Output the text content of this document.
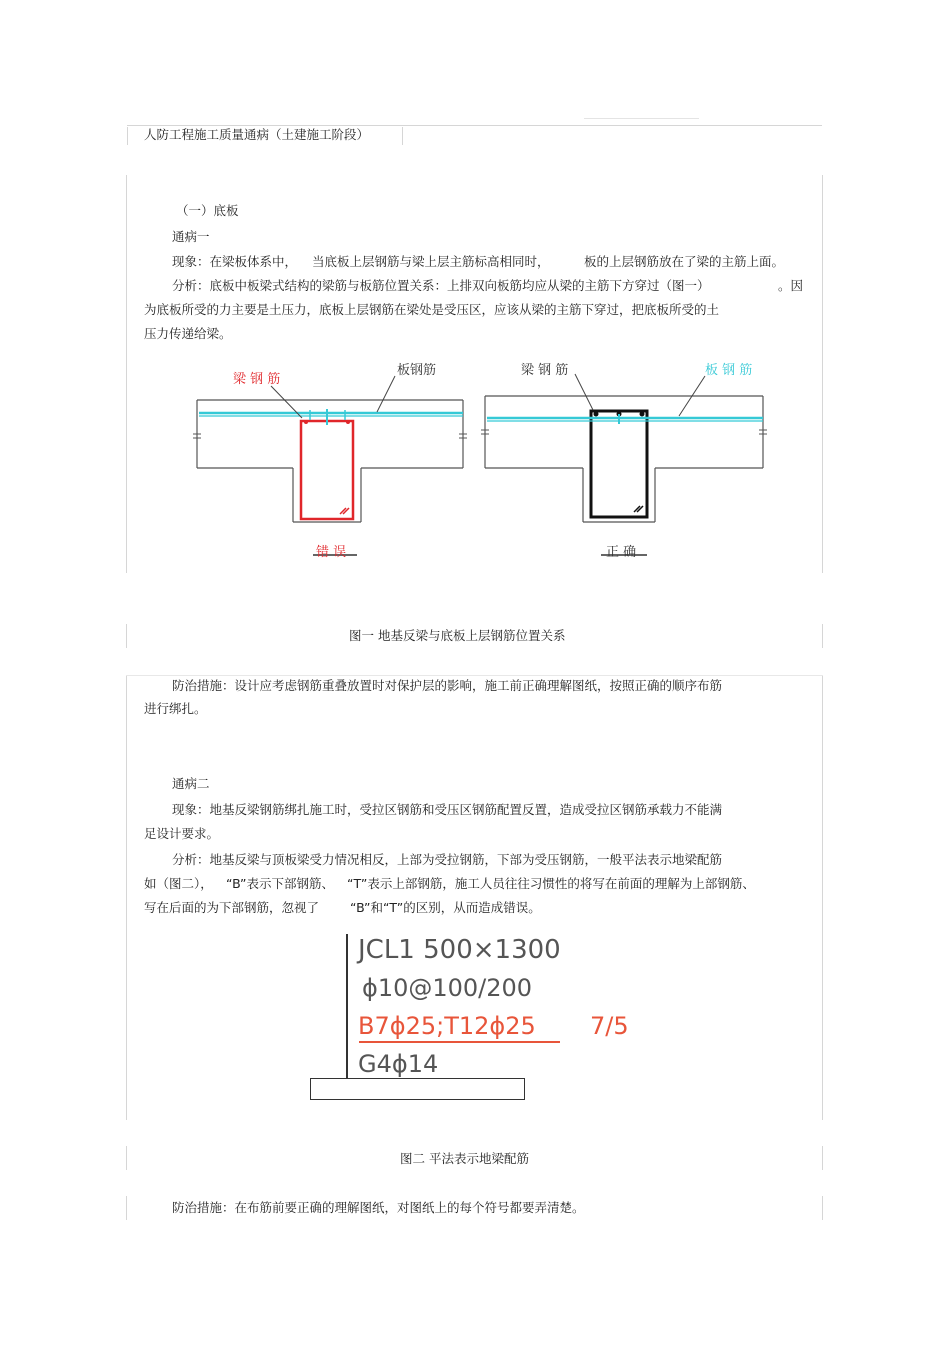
人防工程施工质量通病（土建施工阶段）
（一）底板
通病一
现象：在梁板体系中， 当底板上层钢筋与梁上层主筋标高相同时，	板的上层钢筋放在了梁的主筋上面。
分析：底板中板梁式结构的梁筋与板筋位置关系：上排双向板筋均应从梁的主筋下方穿过（图一）	。因
为底板所受的力主要是土压力，底板上层钢筋在梁处是受压区，应该从梁的主筋下穿过，把底板所受的土
压力传递给梁。
梁 钢 筋
板钢筋
错 误
梁 钢 筋	板 钢 筋
正 确
图一 地基反梁与底板上层钢筋位置关系
防治措施：设计应考虑钢筋重叠放置时对保护层的影响，施工前正确理解图纸，按照正确的顺序布筋
进行绑扎。
通病二
现象：地基反梁钢筋绑扎施工时，受拉区钢筋和受压区钢筋配置反置，造成受拉区钢筋承载力不能满
足设计要求。
分析：地基反梁与顶板梁受力情况相反，上部为受拉钢筋，下部为受压钢筋，一般平法表示地梁配筋
如（图二）， “B”表示下部钢筋、 “T”表示上部钢筋，施工人员往往习惯性的将写在前面的理解为上部钢筋、
写在后面的为下部钢筋，忽视了 “B”和“T”的区别，从而造成错误。
JCL1 500×1300
ϕ10@100/200
B7ϕ25;T12ϕ25 7/5
G4ϕ14
图二 平法表示地梁配筋
防治措施：在布筋前要正确的理解图纸，对图纸上的每个符号都要弄清楚。
